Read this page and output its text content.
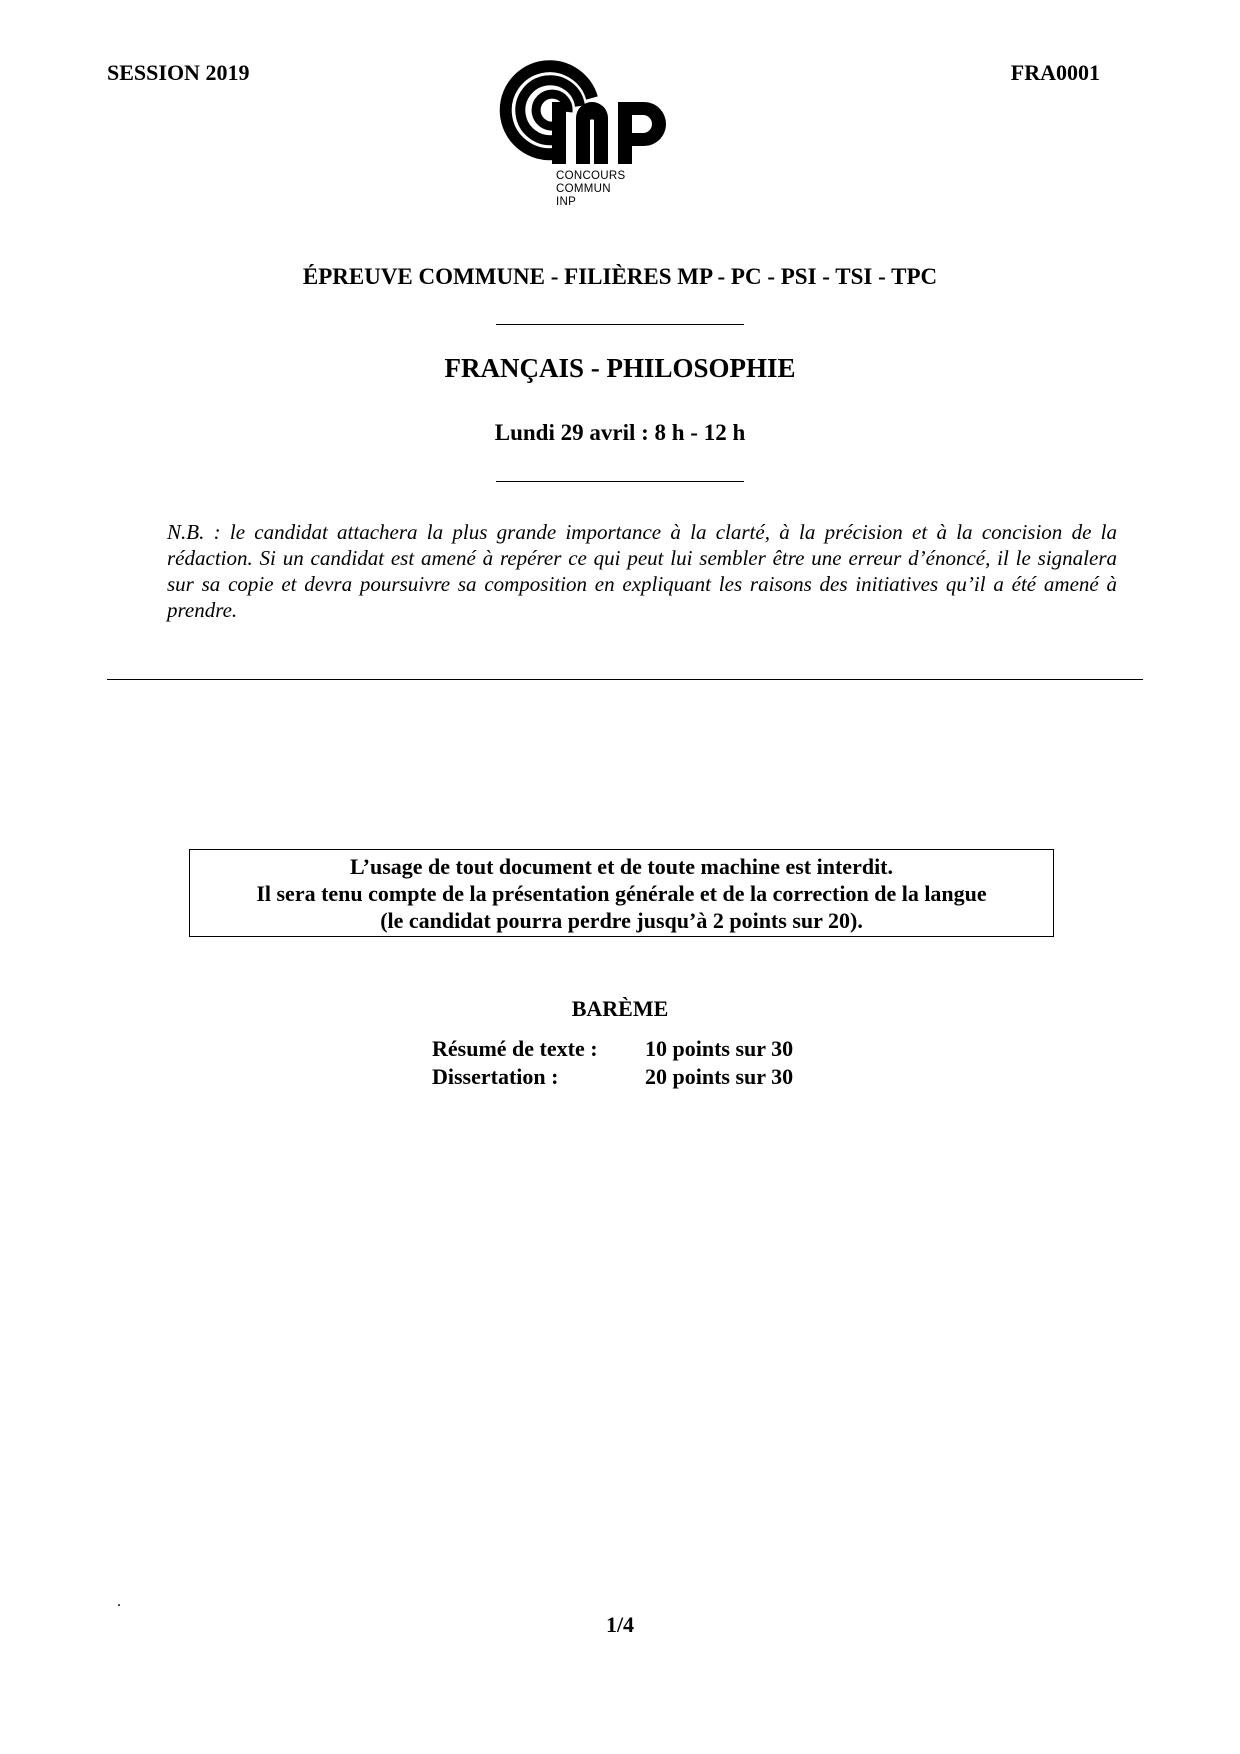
SESSION 2019	FRA0001
CONCOURS
COMMUN
INP
ÉPREUVE COMMUNE - FILIÈRES MP - PC - PSI - TSI - TPC
FRANÇAIS - PHILOSOPHIE
Lundi 29 avril : 8 h - 12 h
N.B. : le candidat attachera la plus grande importance à la clarté, à la précision et à la concision de la rédaction. Si un candidat est amené à repérer ce qui peut lui sembler être une erreur d’énoncé, il le signalera sur sa copie et devra poursuivre sa composition en expliquant les raisons des initiatives qu’il a été amené à prendre.
L’usage de tout document et de toute machine est interdit.
Il sera tenu compte de la présentation générale et de la correction de la langue
(le candidat pourra perdre jusqu’à 2 points sur 20).
BARÈME
Résumé de texte : 10 points sur 30
Dissertation :	20 points sur 30
.
1/4
